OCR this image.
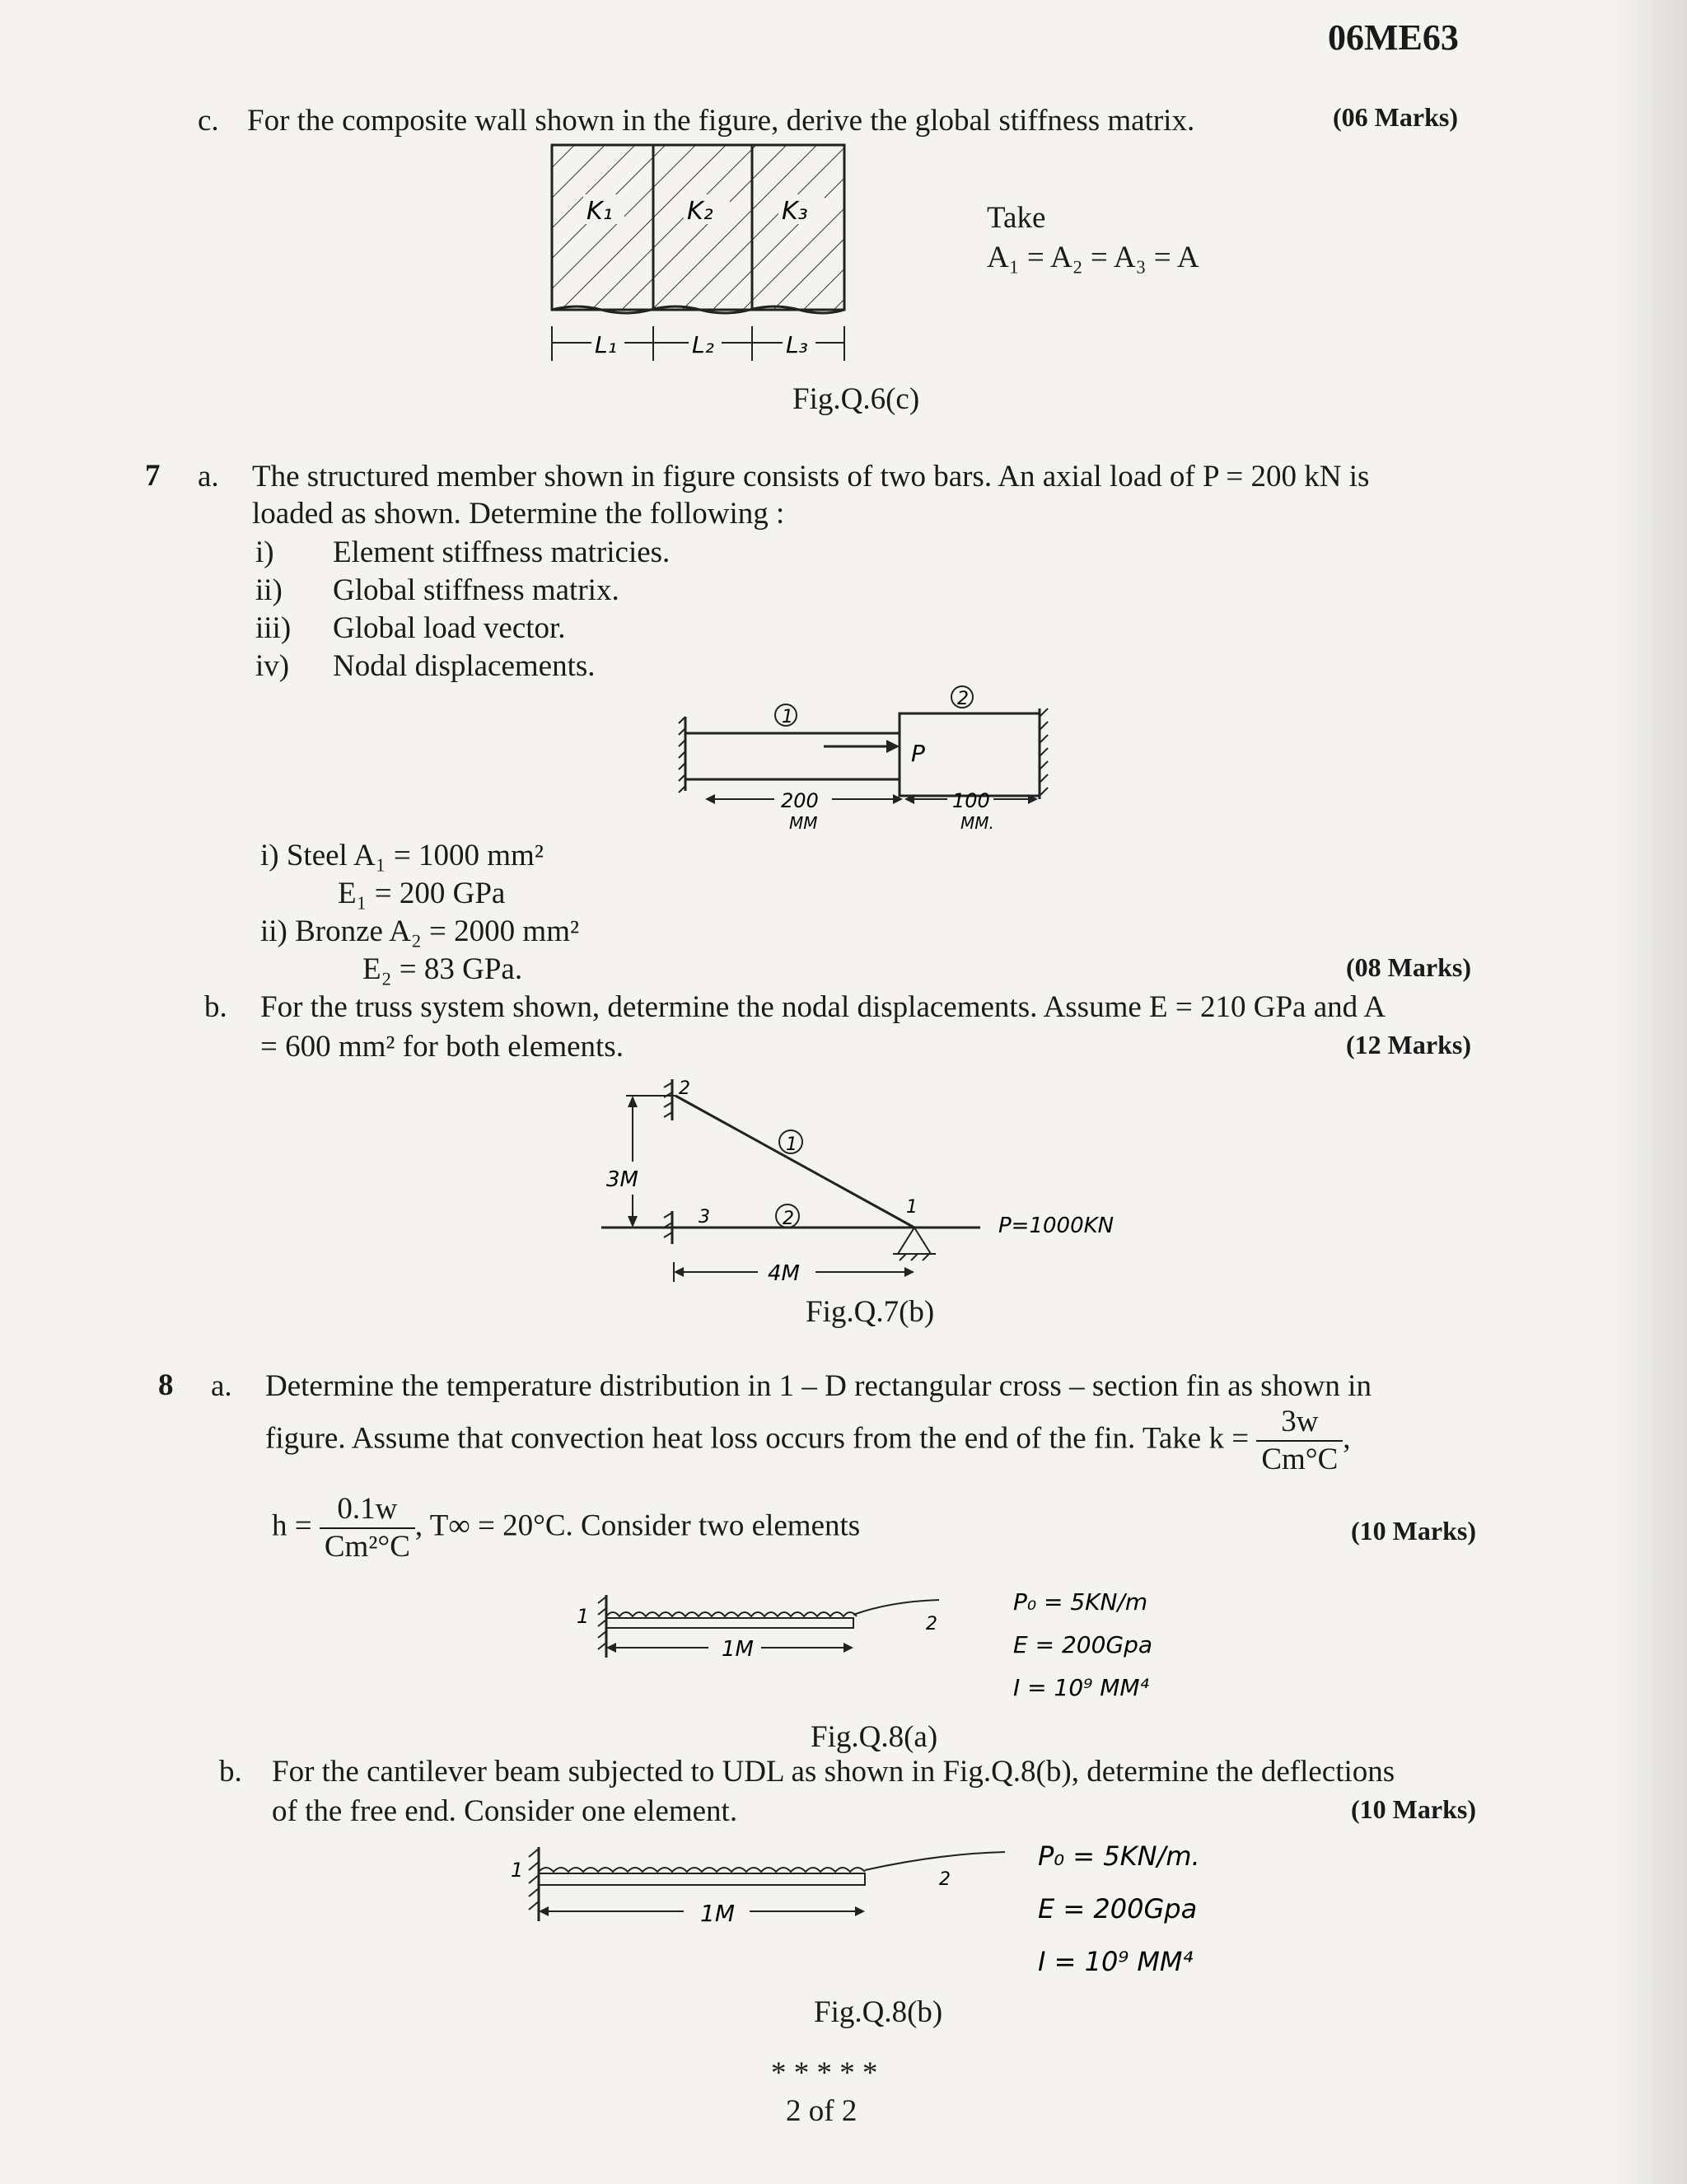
06ME63
c. For the composite wall shown in the figure, derive the global stiffness matrix.	(06 Marks)
K₁	K₂	K₃
L₁	L₂	L₃
Take
A₁ = A₂ = A₃ = A
Fig.Q.6(c)
7 a. The structured member shown in figure consists of two bars. An axial load of P = 200 kN is
loaded as shown. Determine the following :
i) Element stiffness matricies.
ii) Global stiffness matrix.
iii) Global load vector.
iv) Nodal displacements.
P
1
2
200
MM
100
MM.
i) Steel A₁ = 1000 mm²
E₁ = 200 GPa
ii) Bronze A₂ = 2000 mm²
E₂ = 83 GPa.	(08 Marks)
b. For the truss system shown, determine the nodal displacements. Assume E = 210 GPa and A
= 600 mm² for both elements.	(12 Marks)
3M
2
3
1
2
1
P=1000KN
4M
Fig.Q.7(b)
8 a. Determine the temperature distribution in 1 – D rectangular cross – section fin as shown in
figure. Assume that convection heat loss occurs from the end of the fin. Take $k = \frac{3w}{Cm^\circ C}$ ,
$h = \frac{0.1w}{\text{Cm²°C}}$ , T∞ = 20°C. Consider two elements	(10 Marks)
1	2
1M
P₀ = 5KN/m
E = 200Gpa
I = 10⁹ MM⁴
Fig.Q.8(a)
b. For the cantilever beam subjected to UDL as shown in Fig.Q.8(b), determine the deflections
of the free end. Consider one element.	(10 Marks)
1	2
1M
P₀ = 5KN/m.
E = 200Gpa
I = 10⁹ MM⁴
Fig.Q.8(b)
* * * * *
2 of 2
